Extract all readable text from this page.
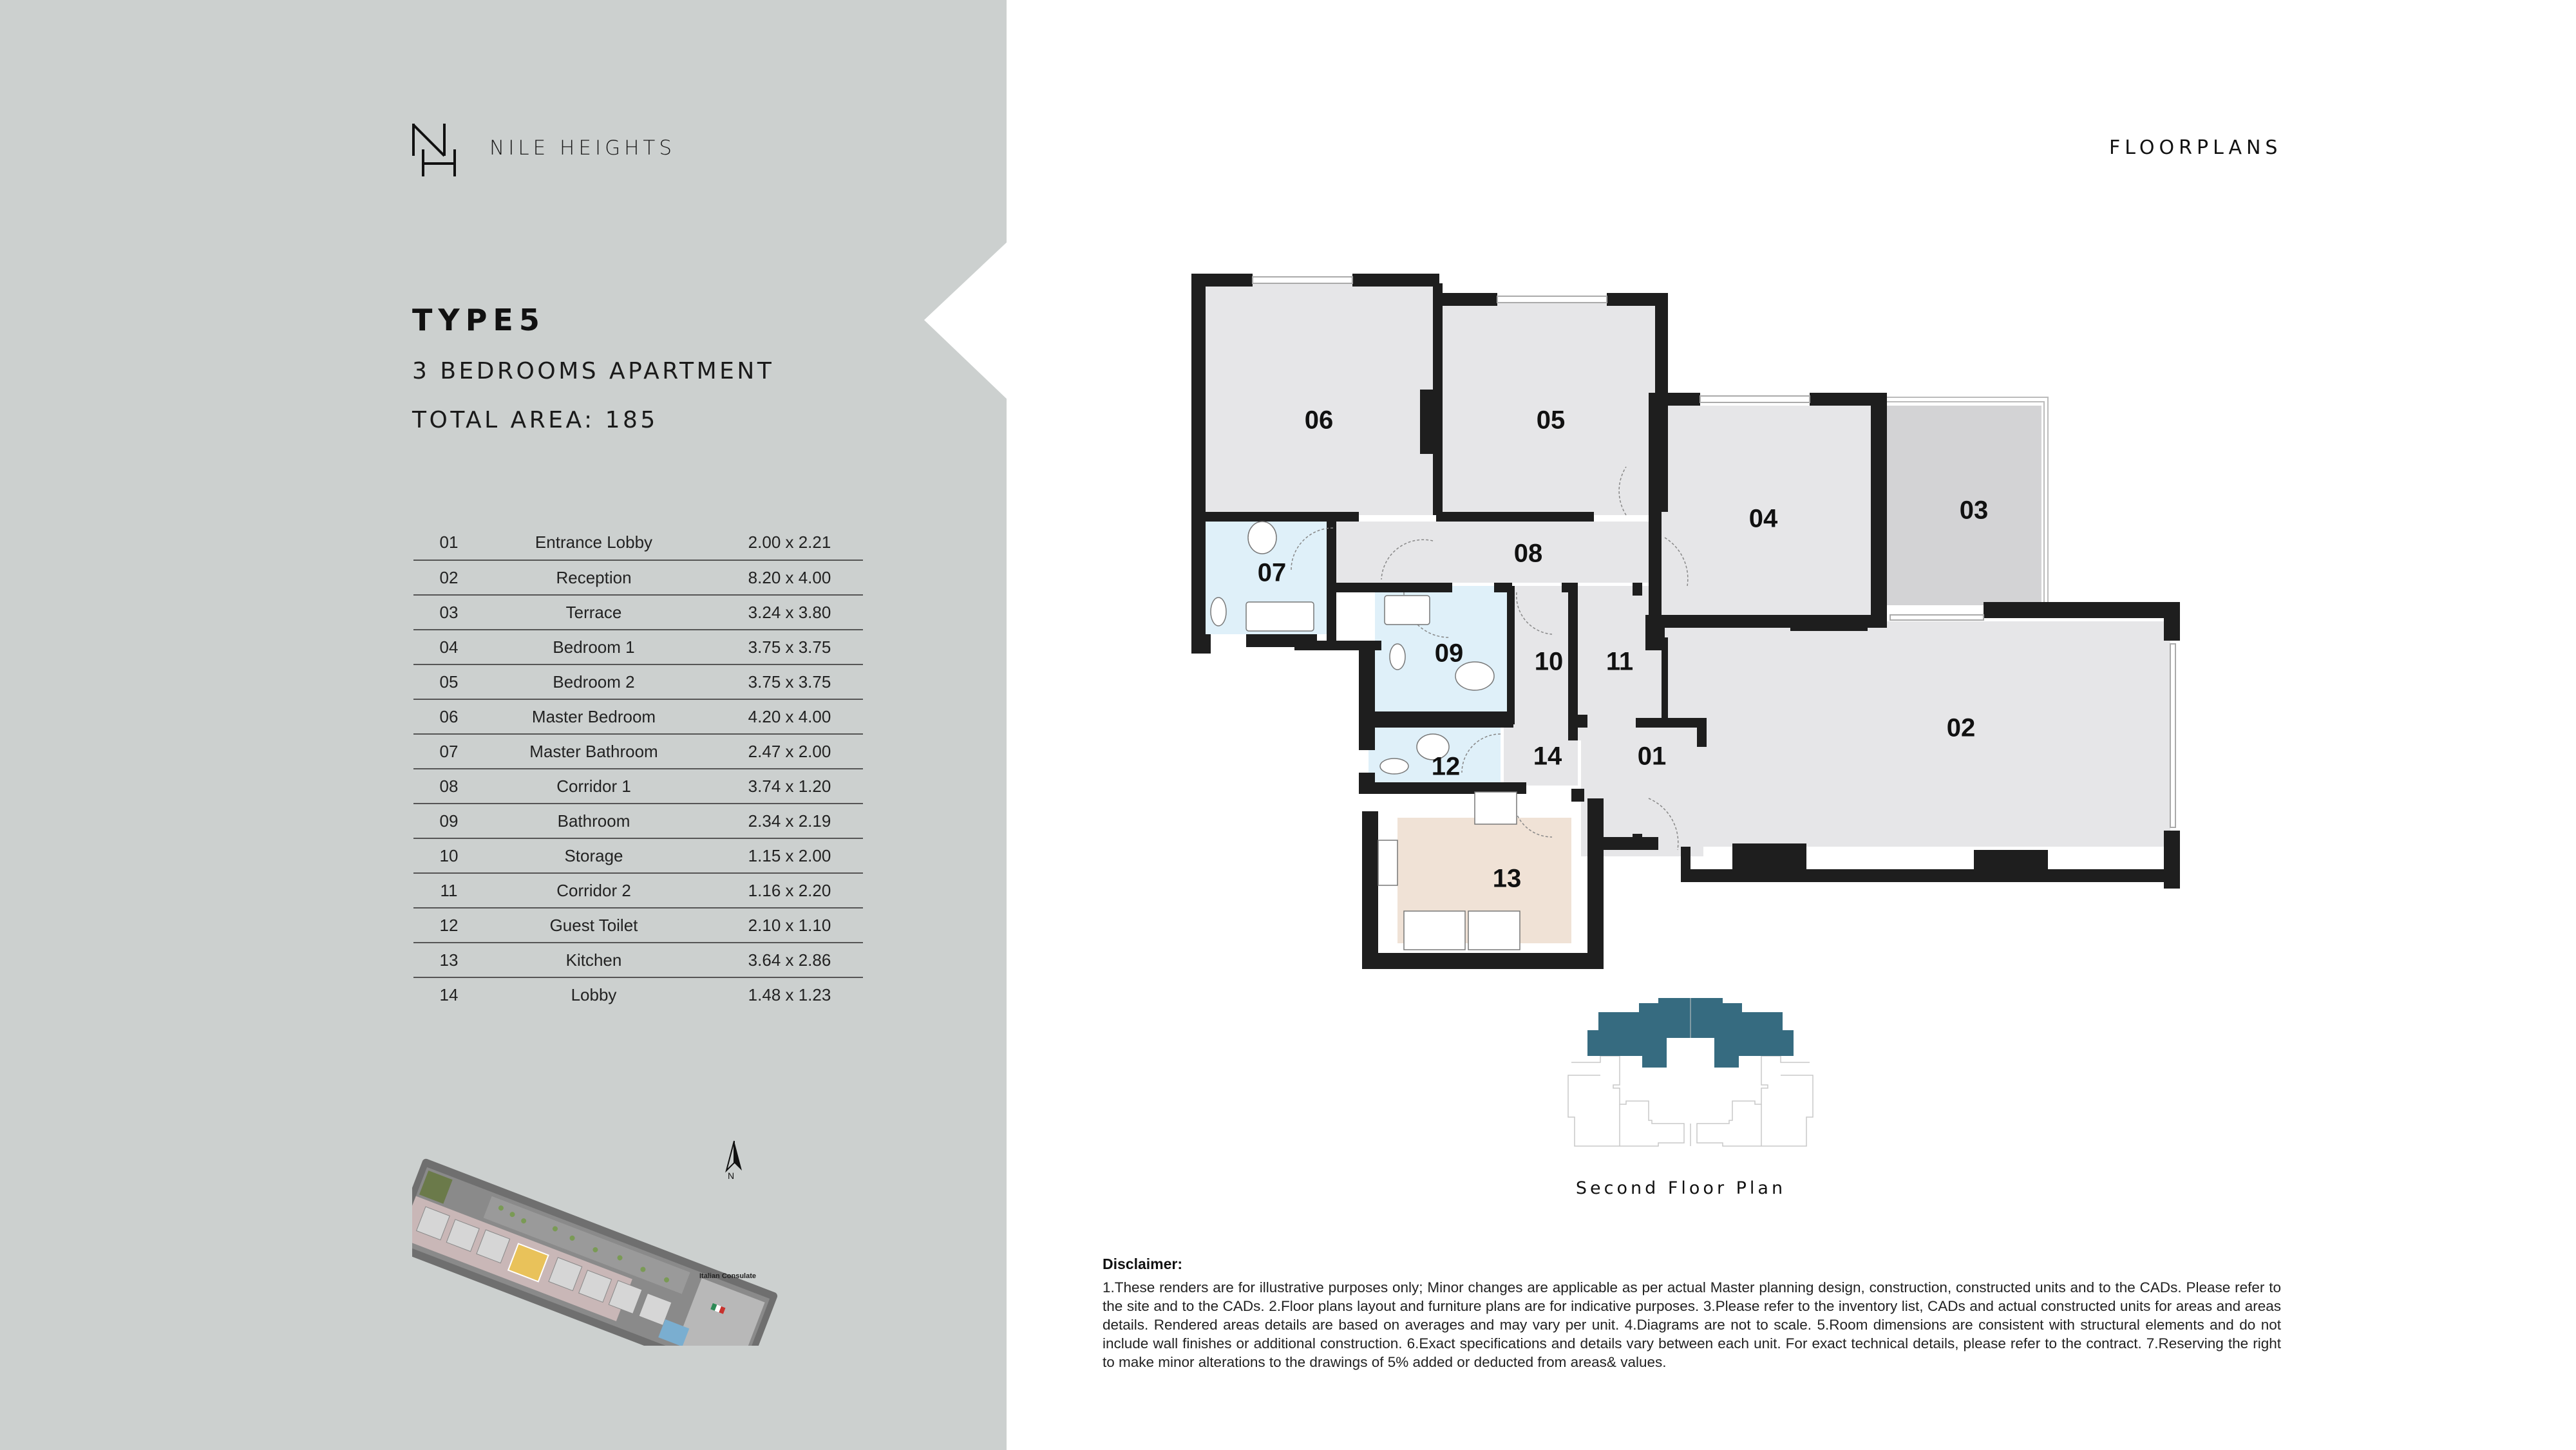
NILE HEIGHTS
TYPE5
3 BEDROOMS APARTMENT
TOTAL AREA: 185
01	Entrance Lobby	2.00 x 2.21
02	Reception	8.20 x 4.00
03	Terrace	3.24 x 3.80
04	Bedroom 1	3.75 x 3.75
05	Bedroom 2	3.75 x 3.75
06	Master Bedroom	4.20 x 4.00
07	Master Bathroom	2.47 x 2.00
08	Corridor 1	3.74 x 1.20
09	Bathroom	2.34 x 2.19
10	Storage	1.15 x 2.00
11	Corridor 2	1.16 x 2.20
12	Guest Toilet	2.10 x 1.10
13	Kitchen	3.64 x 2.86
14	Lobby	1.48 x 1.23
Italian Consulate
N
FLOORPLANS
06	05
04	03
02
08
07
09	10 11
12	14	01
13
Second Floor Plan
Disclaimer:
1.These renders are for illustrative purposes only; Minor changes are applicable as per actual Master planning design, construction, constructed units and to the CADs. Please refer to the site and to the CADs. 2.Floor plans layout and furniture plans are for indicative purposes. 3.Please refer to the inventory list, CADs and actual constructed units for areas and areas details. Rendered areas details are based on averages and may vary per unit. 4.Diagrams are not to scale. 5.Room dimensions are consistent with structural elements and do not include wall finishes or additional construction. 6.Exact specifications and details vary between each unit. For exact technical details, please refer to the contract. 7.Reserving the right to make minor alterations to the drawings of 5% added or deducted from areas& values.
